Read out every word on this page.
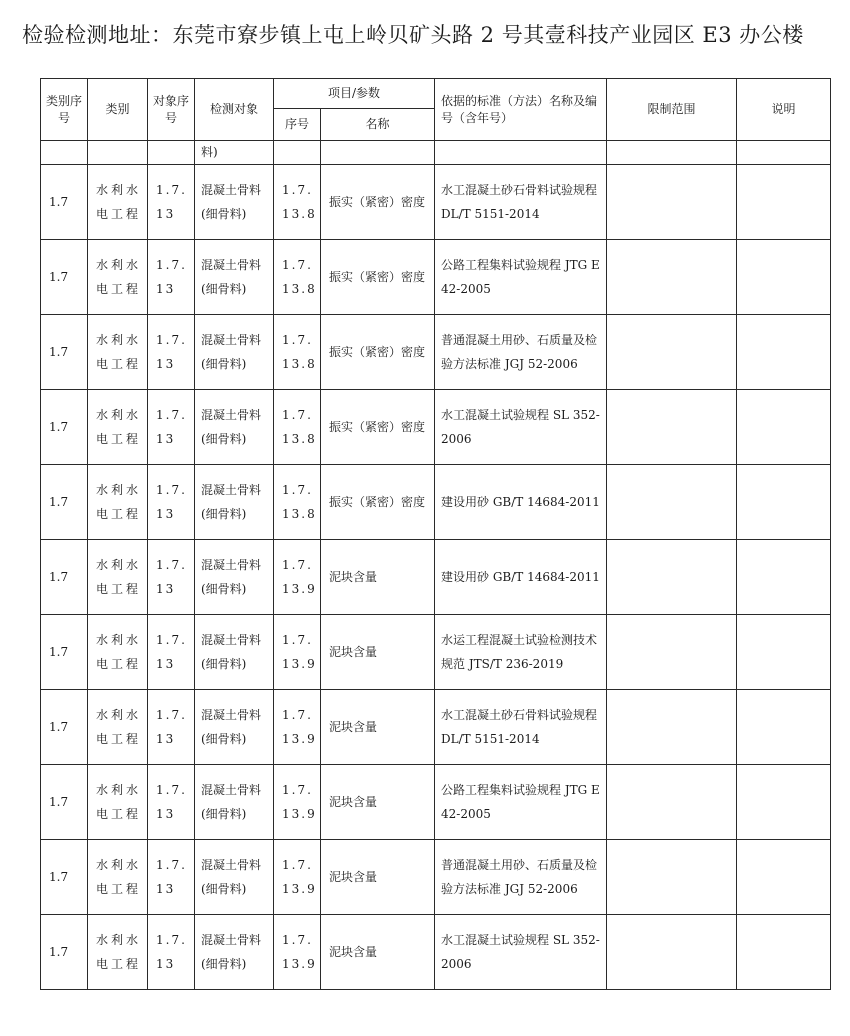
检验检测地址：东莞市寮步镇上屯上岭贝矿头路 2 号其壹科技产业园区 E3 办公楼
类别序号	类别	对象序号	检测对象	项目/参数		依据的标准（方法）名称及编号（含年号）	限制范围	说明
				序号	名称			

			料)					

1.7	水利水电工程	1.7.13	混凝土骨料(细骨料)	1.7.13.8	振实（紧密）密度	水工混凝土砂石骨料试验规程 DL/T 5151-2014		

1.7	水利水电工程	1.7.13	混凝土骨料(细骨料)	1.7.13.8	振实（紧密）密度	公路工程集料试验规程 JTG E42-2005		

1.7	水利水电工程	1.7.13	混凝土骨料(细骨料)	1.7.13.8	振实（紧密）密度	普通混凝土用砂、石质量及检验方法标准 JGJ 52-2006		

1.7	水利水电工程	1.7.13	混凝土骨料(细骨料)	1.7.13.8	振实（紧密）密度	水工混凝土试验规程 SL 352-2006		

1.7	水利水电工程	1.7.13	混凝土骨料(细骨料)	1.7.13.8	振实（紧密）密度	建设用砂 GB/T 14684-2011		

1.7	水利水电工程	1.7.13	混凝土骨料(细骨料)	1.7.13.9	泥块含量	建设用砂 GB/T 14684-2011		

1.7	水利水电工程	1.7.13	混凝土骨料(细骨料)	1.7.13.9	泥块含量	水运工程混凝土试验检测技术规范 JTS/T 236-2019		

1.7	水利水电工程	1.7.13	混凝土骨料(细骨料)	1.7.13.9	泥块含量	水工混凝土砂石骨料试验规程 DL/T 5151-2014		

1.7	水利水电工程	1.7.13	混凝土骨料(细骨料)	1.7.13.9	泥块含量	公路工程集料试验规程 JTG E42-2005		

1.7	水利水电工程	1.7.13	混凝土骨料(细骨料)	1.7.13.9	泥块含量	普通混凝土用砂、石质量及检验方法标准 JGJ 52-2006		

1.7	水利水电工程	1.7.13	混凝土骨料(细骨料)	1.7.13.9	泥块含量	水工混凝土试验规程 SL 352-2006		
